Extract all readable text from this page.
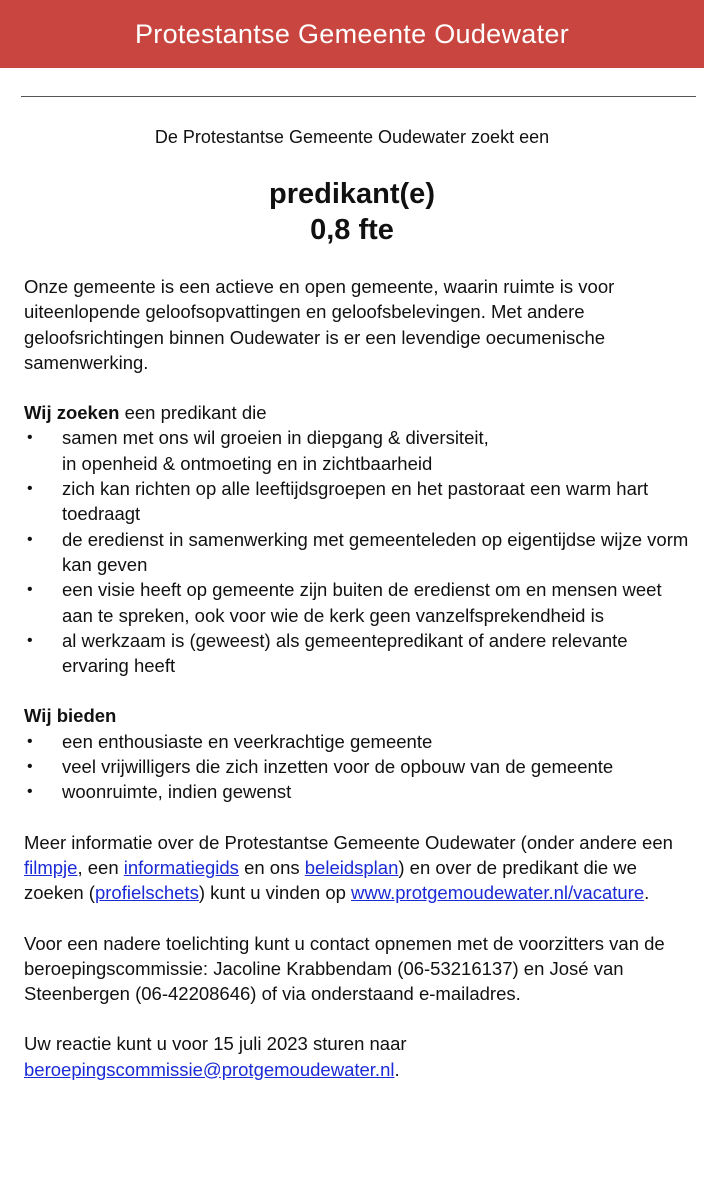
Protestantse Gemeente Oudewater
De Protestantse Gemeente Oudewater zoekt een
predikant(e)
0,8 fte

Onze gemeente is een actieve en open gemeente, waarin ruimte is voor uiteenlopende geloofsopvattingen en geloofsbelevingen. Met andere geloofsrichtingen binnen Oudewater is er een levendige oecumenische samenwerking.

Wij zoeken een predikant die

• samen met ons wil groeien in diepgang & diversiteit,
in openheid & ontmoeting en in zichtbaarheid
• zich kan richten op alle leeftijdsgroepen en het pastoraat een warm hart toedraagt
• de eredienst in samenwerking met gemeenteleden op eigentijdse wijze vorm kan geven
• een visie heeft op gemeente zijn buiten de eredienst om en mensen weet aan te spreken, ook voor wie de kerk geen vanzelfsprekendheid is
• al werkzaam is (geweest) als gemeentepredikant of andere relevante ervaring heeft

Wij bieden

• een enthousiaste en veerkrachtige gemeente
• veel vrijwilligers die zich inzetten voor de opbouw van de gemeente
• woonruimte, indien gewenst

Meer informatie over de Protestantse Gemeente Oudewater (onder andere een filmpje, een informatiegids en ons beleidsplan) en over de predikant die we zoeken (profielschets) kunt u vinden op www.protgemoudewater.nl/vacature.

Voor een nadere toelichting kunt u contact opnemen met de voorzitters van de beroepingscommissie: Jacoline Krabbendam (06-53216137) en José van Steenbergen (06-42208646) of via onderstaand e-mailadres.

Uw reactie kunt u voor 15 juli 2023 sturen naar
beroepingscommissie@protgemoudewater.nl.
